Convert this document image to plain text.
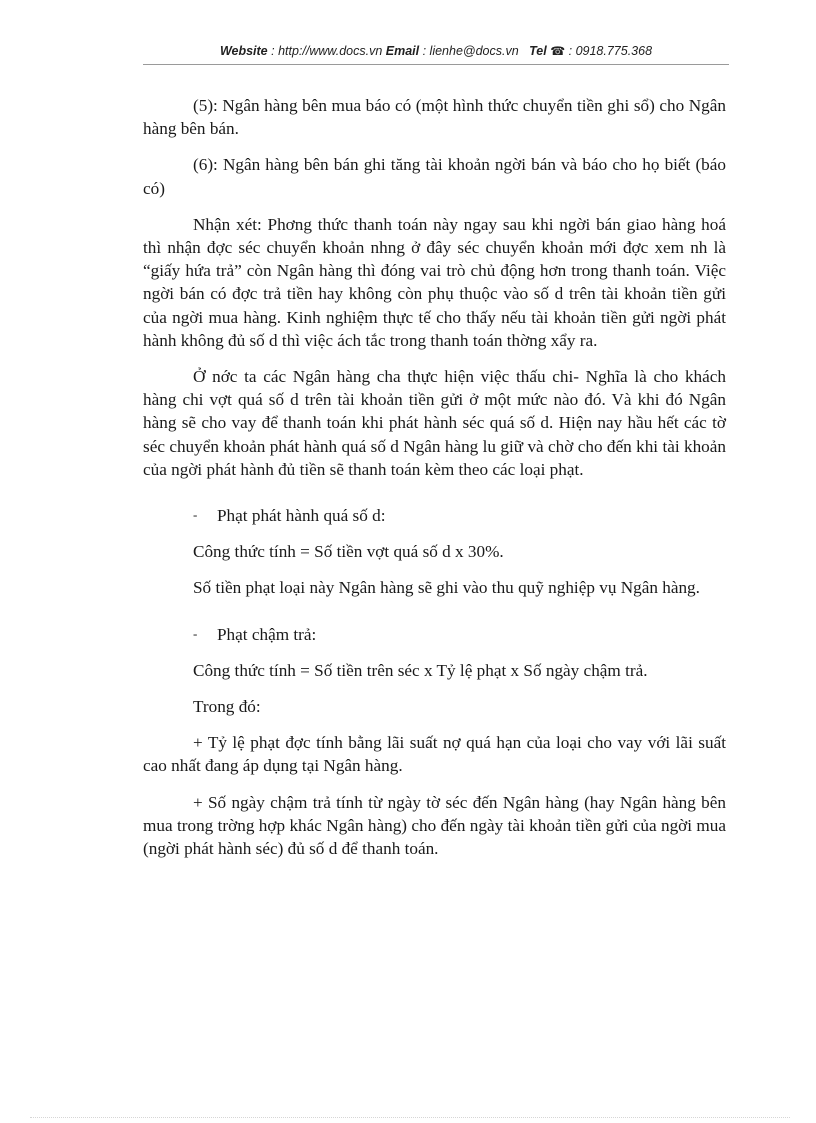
Website : http://www.docs.vn Email : lienhe@docs.vn Tel ☎ : 0918.775.368

(5): Ngân hàng bên mua báo có (một hình thức chuyển tiền ghi sổ) cho Ngân hàng bên bán.

(6): Ngân hàng bên bán ghi tăng tài khoản ngời bán và báo cho họ biết (báo có)

Nhận xét: Phơng thức thanh toán này ngay sau khi ngời bán giao hàng hoá thì nhận đợc séc chuyển khoản nhng ở đây séc chuyển khoản mới đợc xem nh là “giấy hứa trả” còn Ngân hàng thì đóng vai trò chủ động hơn trong thanh toán. Việc ngời bán có đợc trả tiền hay không còn phụ thuộc vào số d trên tài khoản tiền gửi của ngời mua hàng. Kinh nghiệm thực tế cho thấy nếu tài khoản tiền gửi ngời phát hành không đủ số d thì việc ách tắc trong thanh toán thờng xẩy ra.

Ở nớc ta các Ngân hàng cha thực hiện việc thấu chi- Nghĩa là cho khách hàng chi vợt quá số d trên tài khoản tiền gửi ở một mức nào đó. Và khi đó Ngân hàng sẽ cho vay để thanh toán khi phát hành séc quá số d. Hiện nay hầu hết các tờ séc chuyển khoản phát hành quá số d Ngân hàng lu giữ và chờ cho đến khi tài khoản của ngời phát hành đủ tiền sẽ thanh toán kèm theo các loại phạt.

- Phạt phát hành quá số d:

Công thức tính = Số tiền vợt quá số d x 30%.

Số tiền phạt loại này Ngân hàng sẽ ghi vào thu quỹ nghiệp vụ Ngân hàng.

- Phạt chậm trả:

Công thức tính = Số tiền trên séc x Tỷ lệ phạt x Số ngày chậm trả.

Trong đó:

+ Tỷ lệ phạt đợc tính bằng lãi suất nợ quá hạn của loại cho vay với lãi suất cao nhất đang áp dụng tại Ngân hàng.

+ Số ngày chậm trả tính từ ngày tờ séc đến Ngân hàng (hay Ngân hàng bên mua trong trờng hợp khác Ngân hàng) cho đến ngày tài khoản tiền gửi của ngời mua (ngời phát hành séc) đủ số d để thanh toán.
